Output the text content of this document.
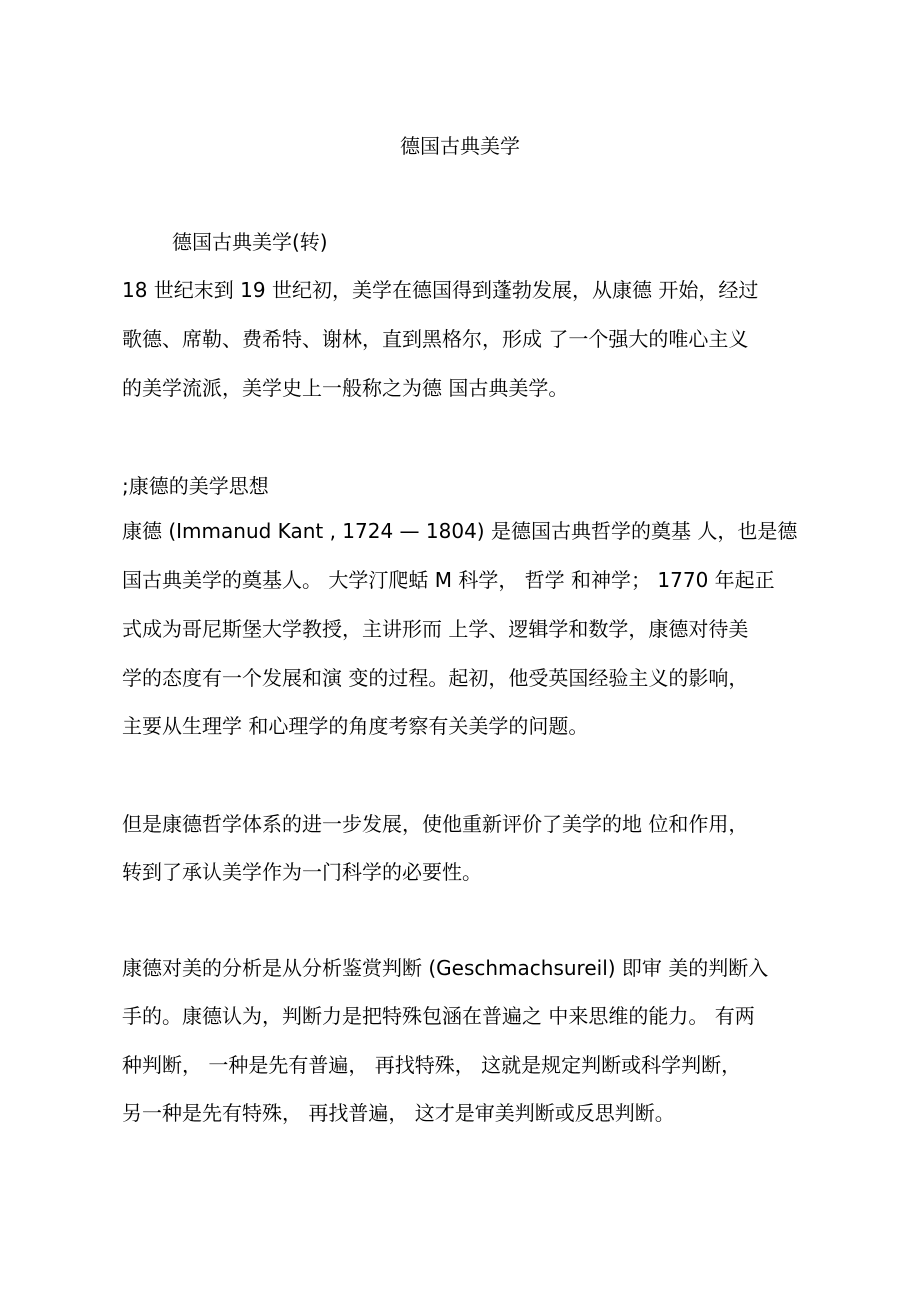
德国古典美学
德国古典美学(转)
18 世纪末到 19 世纪初，美学在德国得到蓬勃发展，从康德 开始，经过
歌德、席勒、费希特、谢林，直到黑格尔，形成 了一个强大的唯心主义
的美学流派，美学史上一般称之为德 国古典美学。
;康德的美学思想
康德 (Immanud Kant , 1724 — 1804) 是德国古典哲学的奠基 人，也是德
国古典美学的奠基人。 大学汀爬蛞 M 科学， 哲学 和神学； 1770 年起正
式成为哥尼斯堡大学教授，主讲形而 上学、逻辑学和数学，康德对待美
学的态度有一个发展和演 变的过程。起初，他受英国经验主义的影响，
主要从生理学 和心理学的角度考察有关美学的问题。
但是康德哲学体系的进一步发展，使他重新评价了美学的地 位和作用，
转到了承认美学作为一门科学的必要性。
康德对美的分析是从分析鉴赏判断 (Geschmachsureil) 即审 美的判断入
手的。康德认为，判断力是把特殊包涵在普遍之 中来思维的能力。 有两
种判断， 一种是先有普遍， 再找特殊， 这就是规定判断或科学判断，
另一种是先有特殊， 再找普遍， 这才是审美判断或反思判断。
